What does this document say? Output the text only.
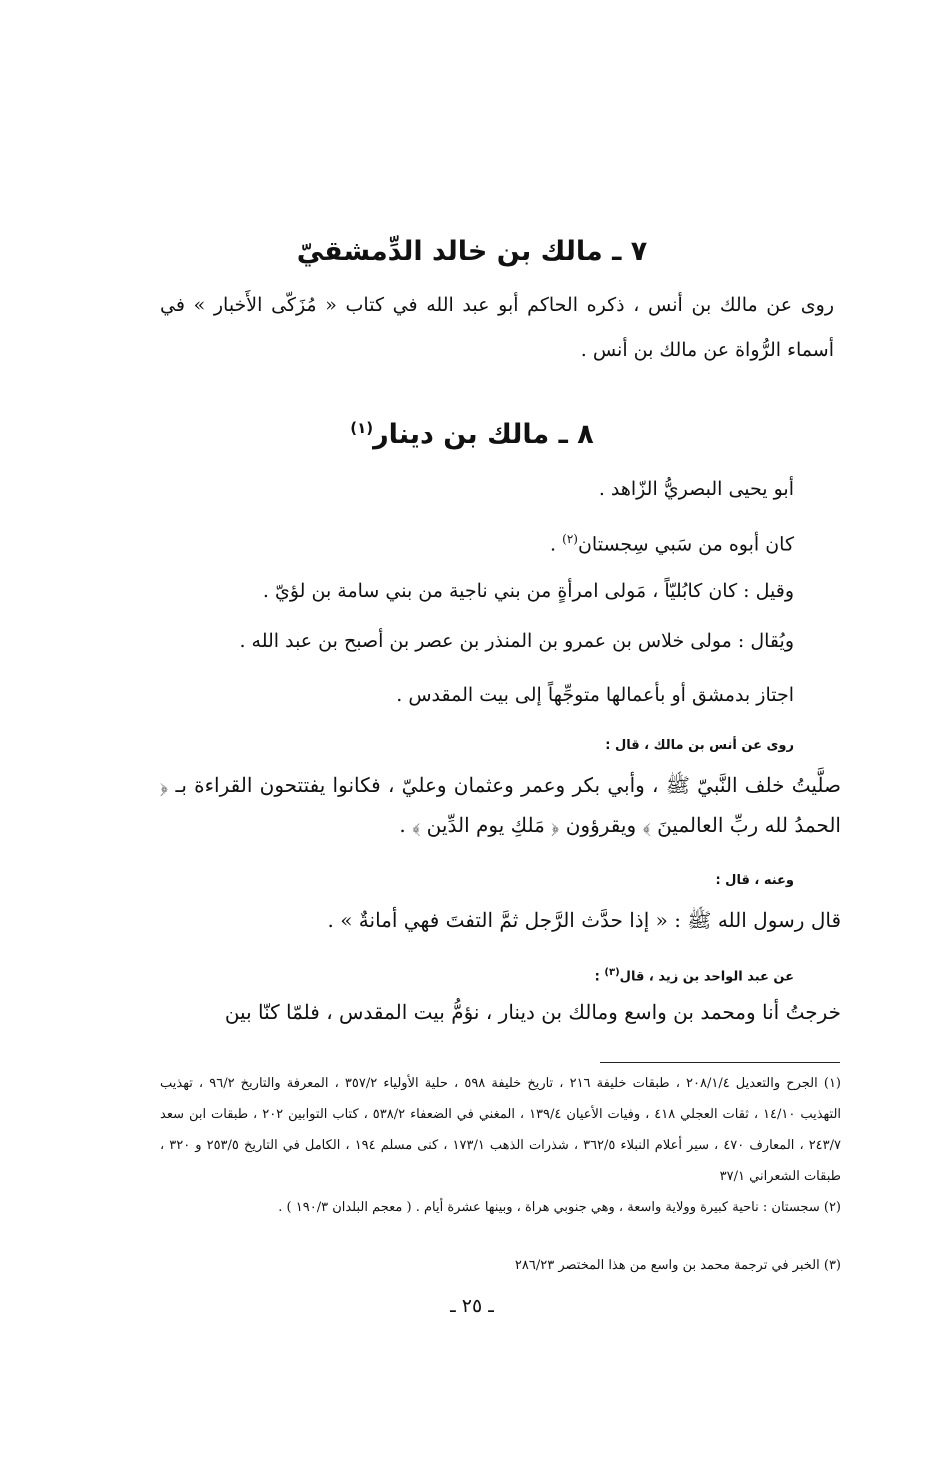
٧ ـ مالك بن خالد الدِّمشقيّ
روى عن مالك بن أنس ، ذكره الحاكم أبو عبد الله في كتاب « مُزَكّى الأَخبار » في أسماء الرُّواة عن مالك بن أنس .
٨ ـ مالك بن دينار$^{(١)}$
أبو يحيى البصريُّ الزّاهد .
كان أبوه من سَبي سِجستان$^{(٢)}$ .
وقيل : كان كابُليّاً ، مَولى امرأةٍ من بني ناجية من بني سامة بن لؤيّ .
ويُقال : مولى خلاس بن عمرو بن المنذر بن عصر بن أصبح بن عبد الله .
اجتاز بدمشق أو بأعمالها متوجِّهاً إلى بيت المقدس .
روى عن أنس بن مالك ، قال :
صلَّيتُ خلف النَّبيّ ﷺ ، وأبي بكر وعمر وعثمان وعليّ ، فكانوا يفتتحون القراءة بـ ﴿ الحمدُ لله ربِّ العالمينَ ﴾ ويقرؤون ﴿ مَلكِ يوم الدِّين ﴾ .
وعنه ، قال :
قال رسول الله ﷺ : « إذا حدَّث الرَّجل ثمَّ التفتَ فهي أمانةٌ » .
عن عبد الواحد بن زيد ، قال$^{(٣)}$ :
خرجتُ أنا ومحمد بن واسع ومالك بن دينار ، نؤمُّ بيت المقدس ، فلمّا كنّا بين
(١) الجرح والتعديل ٢٠٨/١/٤ ، طبقات خليفة ٢١٦ ، تاريخ خليفة ٥٩٨ ، حلية الأولياء ٣٥٧/٢ ، المعرفة والتاريخ ٩٦/٢ ، تهذيب التهذيب ١٤/١٠ ، ثقات العجلي ٤١٨ ، وفيات الأعيان ١٣٩/٤ ، المغني في الضعفاء ٥٣٨/٢ ، كتاب التوابين ٢٠٢ ، طبقات ابن سعد ٢٤٣/٧ ، المعارف ٤٧٠ ، سير أعلام النبلاء ٣٦٢/٥ ، شذرات الذهب ١٧٣/١ ، كنى مسلم ١٩٤ ، الكامل في التاريخ ٢٥٣/٥ و ٣٢٠ ، طبقات الشعراني ٣٧/١
(٢) سجستان : ناحية كبيرة وولاية واسعة ، وهي جنوبي هراة ، وبينها عشرة أيام . ( معجم البلدان ١٩٠/٣ ) .
(٣) الخبر في ترجمة محمد بن واسع من هذا المختصر ٢٨٦/٢٣
ـ ٢٥ ـ
